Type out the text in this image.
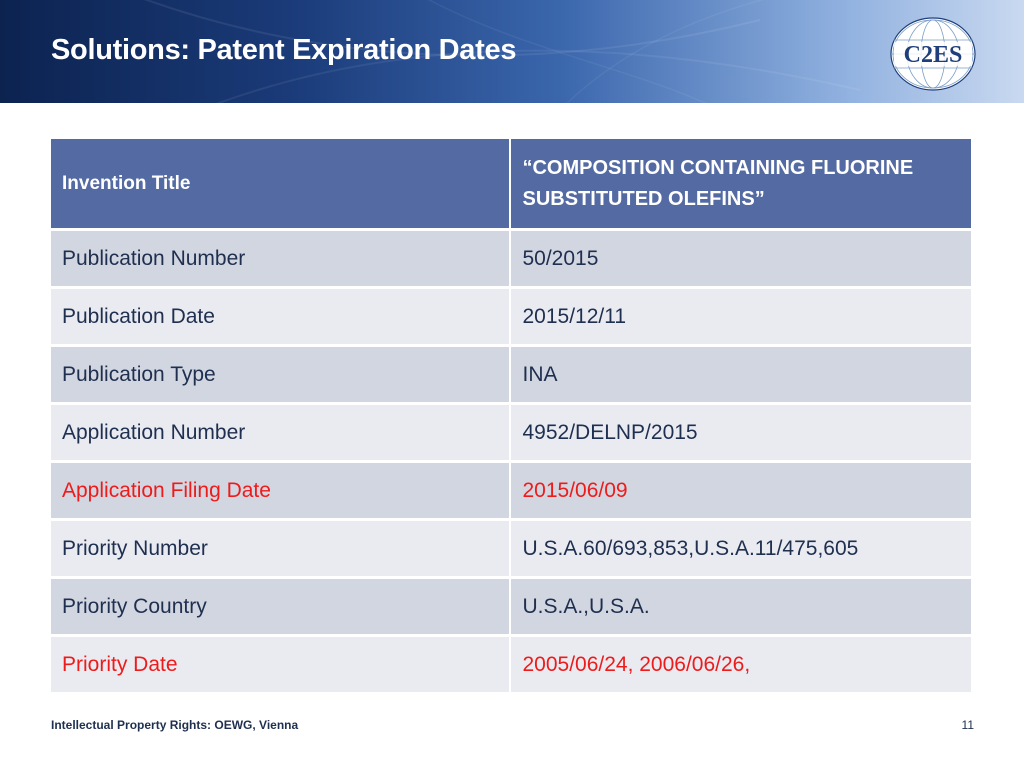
Solutions: Patent Expiration Dates	C2ES
Invention Title	“COMPOSITION CONTAINING FLUORINE
SUBSTITUTED OLEFINS”
Publication Number	50/2015
Publication Date	2015/12/11
Publication Type	INA
Application Number	4952/DELNP/2015
Application Filing Date	2015/06/09
Priority Number	U.S.A.60/693,853,U.S.A.11/475,605
Priority Country	U.S.A.,U.S.A.
Priority Date	2005/06/24, 2006/06/26,
Intellectual Property Rights: OEWG, Vienna	11
